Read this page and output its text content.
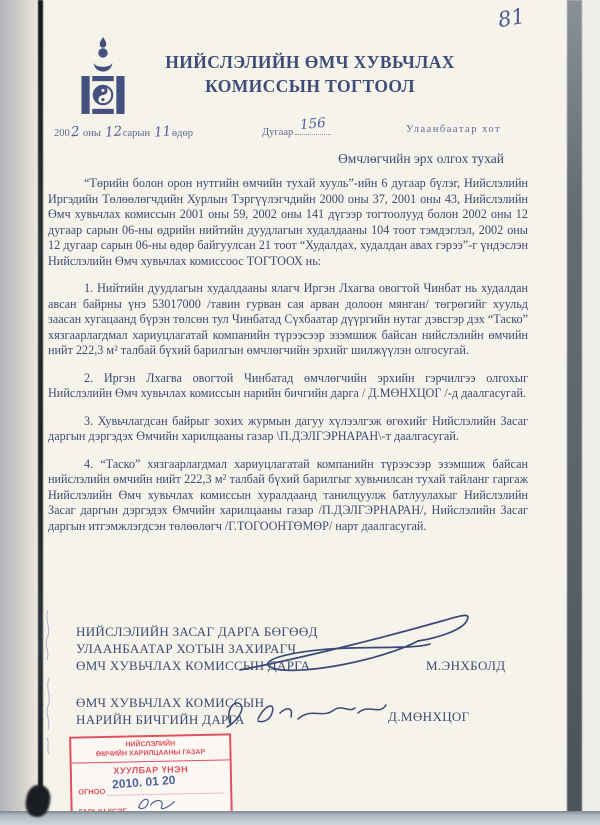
81
НИЙСЛЭЛИЙН ӨМЧ ХУВЬЧЛАХ
КОМИССЫН ТОГТООЛ
2002 оны 12сарын 11өдөр	Дугаар 156	Улаанбаатар хот
Өмчлөгчийн эрх олгох тухай

“Төрийн болон орон нутгийн өмчийн тухай хууль”-ийн 6 дугаар бүлэг, Нийслэлийн Иргэдийн Төлөөлөгчдийн Хурлын Тэргүүлэгчдийн 2000 оны 37, 2001 оны 43, Нийслэлийн Өмч хувьчлах комиссын 2001 оны 59, 2002 оны 141 дүгээр тогтоолууд болон 2002 оны 12 дугаар сарын 06-ны өдрийн нийтийн дуудлагын худалдааны 104 тоот тэмдэглэл, 2002 оны 12 дугаар сарын 06-ны өдөр байгуулсан 21 тоот “Худалдах, худалдан авах гэрээ”-г үндэслэн Нийслэлийн Өмч хувьчлах комиссоос ТОГТООХ нь:

1. Нийтийн дуудлагын худалдааны ялагч Иргэн Лхагва овогтой Чинбат нь худалдан авсан байрны үнэ 53017000 /тавин гурван сая арван долоон мянган/ төгрөгийг хуульд заасан хугацаанд бүрэн төлсөн тул Чинбатад Сүхбаатар дүүргийн нутаг дэвсгэр дэх “Таско” хязгаарлагдмал хариуцлагатай компанийн түрээсээр эзэмшиж байсан нийслэлийн өмчийн нийт 222,3 м² талбай бүхий барилгын өмчлөгчийн эрхийг шилжүүлэн олгосугай.

2. Иргэн Лхагва овогтой Чинбатад өмчлөгчийн эрхийн гэрчилгээ олгохыг Нийслэлийн Өмч хувьчлах комиссын нарийн бичгийн дарга / Д.МӨНХЦОГ /-д даалгасугай.

3. Хувьчлагдсан байрыг зохих журмын дагуу хүлээлгэж өгөхийг Нийслэлийн Засаг даргын дэргэдэх Өмчийн харилцааны газар \П.ДЭЛГЭРНАРАН\-т даалгасугай.

4. “Таско” хязгаарлагдмал хариуцлагатай компанийн түрээсээр эзэмшиж байсан нийслэлийн өмчийн нийт 222,3 м² талбай бүхий барилгыг хувьчилсан тухай тайланг гаргаж Нийслэлийн Өмч хувьчлах комиссын хуралдаанд танилцуулж батлуулахыг Нийслэлийн Засаг даргын дэргэдэх Өмчийн харилцааны газар /П.ДЭЛГЭРНАРАН/, Нийслэлийн Засаг даргын итгэмжлэгдсэн төлөөлөгч /Г.ТОГООНТӨМӨР/ нарт даалгасугай.

НИЙСЛЭЛИЙН ЗАСАГ ДАРГА БӨГӨӨД
УЛААНБААТАР ХОТЫН ЗАХИРАГЧ
ӨМЧ ХУВЬЧЛАХ КОМИССЫН ДАРГА	М.ЭНХБОЛД
ӨМЧ ХУВЬЧЛАХ КОМИССЫН
НАРИЙН БИЧГИЙН ДАРГА	Д.МӨНХЦОГ
НИЙСЛЭЛИЙН
ӨМЧИЙН ХАРИЛЦААНЫ ГАЗАР
ХУУЛБАР ҮНЭН
ОГНОО
2010. 01 20
